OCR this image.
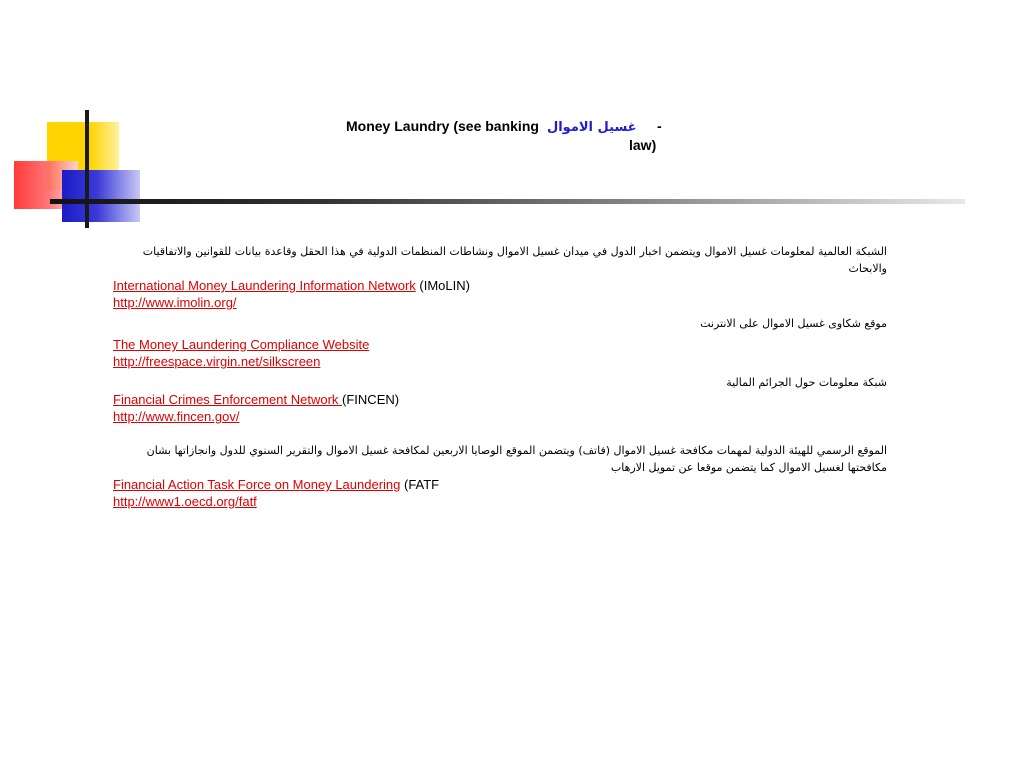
Money Laundry (see banking غسيل الاموال -
law)
الشبكة العالمية لمعلومات غسيل الاموال ويتضمن اخبار الدول في ميدان غسيل الاموال ونشاطات المنظمات الدولية في هذا الحقل وقاعدة بيانات للقوانين والاتفاقيات والابحاث
International Money Laundering Information Network (IMoLIN)
http://www.imolin.org/
موقع شكاوى غسيل الاموال على الانترنت
The Money Laundering Compliance Website
http://freespace.virgin.net/silkscreen
شبكة معلومات حول الجرائم المالية
Financial Crimes Enforcement Network (FINCEN)
http://www.fincen.gov/
الموقع الرسمي للهيئة الدولية لمهمات مكافحة غسيل الاموال (فاتف) ويتضمن الموقع الوصايا الاربعين لمكافحة غسيل الاموال والتقرير السنوي للدول وانجازاتها بشان
مكافحتها لغسيل الاموال كما يتضمن موقعا عن تمويل الارهاب
Financial Action Task Force on Money Laundering (FATF
http://www1.oecd.org/fatf
